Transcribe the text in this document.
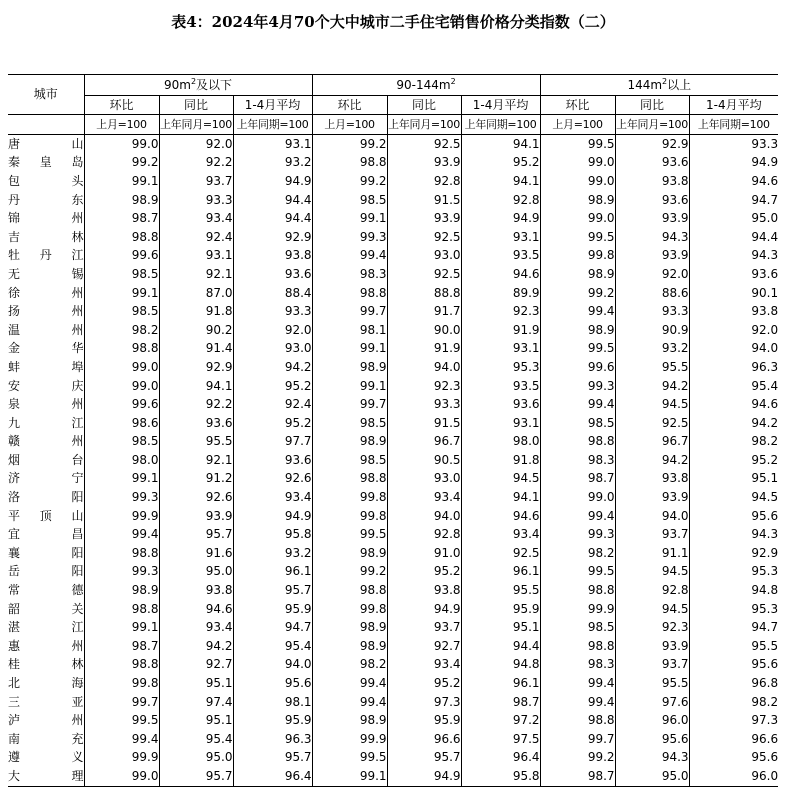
表4：2024年4月70个大中城市二手住宅销售价格分类指数（二）
城市	$90m^2$及以下			$90-144m^2$			$144m^2$以上		
	环比	同比	1-4月平均	环比	同比	1-4月平均	环比	同比	1-4月平均
	上月=100	上年同月=100	上年同期=100	上月=100	上年同月=100	上年同期=100	上月=100	上年同月=100	上年同期=100
唐山	99.0	92.0	93.1	99.2	92.5	94.1	99.5	92.9	93.3
秦皇岛	99.2	92.2	93.2	98.8	93.9	95.2	99.0	93.6	94.9
包头	99.1	93.7	94.9	99.2	92.8	94.1	99.0	93.8	94.6
丹东	98.9	93.3	94.4	98.5	91.5	92.8	98.9	93.6	94.7
锦州	98.7	93.4	94.4	99.1	93.9	94.9	99.0	93.9	95.0
吉林	98.8	92.4	92.9	99.3	92.5	93.1	99.5	94.3	94.4
牡丹江	99.6	93.1	93.8	99.4	93.0	93.5	99.8	93.9	94.3
无锡	98.5	92.1	93.6	98.3	92.5	94.6	98.9	92.0	93.6
徐州	99.1	87.0	88.4	98.8	88.8	89.9	99.2	88.6	90.1
扬州	98.5	91.8	93.3	99.7	91.7	92.3	99.4	93.3	93.8
温州	98.2	90.2	92.0	98.1	90.0	91.9	98.9	90.9	92.0
金华	98.8	91.4	93.0	99.1	91.9	93.1	99.5	93.2	94.0
蚌埠	99.0	92.9	94.2	98.9	94.0	95.3	99.6	95.5	96.3
安庆	99.0	94.1	95.2	99.1	92.3	93.5	99.3	94.2	95.4
泉州	99.6	92.2	92.4	99.7	93.3	93.6	99.4	94.5	94.6
九江	98.6	93.6	95.2	98.5	91.5	93.1	98.5	92.5	94.2
赣州	98.5	95.5	97.7	98.9	96.7	98.0	98.8	96.7	98.2
烟台	98.0	92.1	93.6	98.5	90.5	91.8	98.3	94.2	95.2
济宁	99.1	91.2	92.6	98.8	93.0	94.5	98.7	93.8	95.1
洛阳	99.3	92.6	93.4	99.8	93.4	94.1	99.0	93.9	94.5
平顶山	99.9	93.9	94.9	99.8	94.0	94.6	99.4	94.0	95.6
宜昌	99.4	95.7	95.8	99.5	92.8	93.4	99.3	93.7	94.3
襄阳	98.8	91.6	93.2	98.9	91.0	92.5	98.2	91.1	92.9
岳阳	99.3	95.0	96.1	99.2	95.2	96.1	99.5	94.5	95.3
常德	98.9	93.8	95.7	98.8	93.8	95.5	98.8	92.8	94.8
韶关	98.8	94.6	95.9	99.8	94.9	95.9	99.9	94.5	95.3
湛江	99.1	93.4	94.7	98.9	93.7	95.1	98.5	92.3	94.7
惠州	98.7	94.2	95.4	98.9	92.7	94.4	98.8	93.9	95.5
桂林	98.8	92.7	94.0	98.2	93.4	94.8	98.3	93.7	95.6
北海	99.8	95.1	95.6	99.4	95.2	96.1	99.4	95.5	96.8
三亚	99.7	97.4	98.1	99.4	97.3	98.7	99.4	97.6	98.2
泸州	99.5	95.1	95.9	98.9	95.9	97.2	98.8	96.0	97.3
南充	99.4	95.4	96.3	99.9	96.6	97.5	99.7	95.6	96.6
遵义	99.9	95.0	95.7	99.5	95.7	96.4	99.2	94.3	95.6
大理	99.0	95.7	96.4	99.1	94.9	95.8	98.7	95.0	96.0
